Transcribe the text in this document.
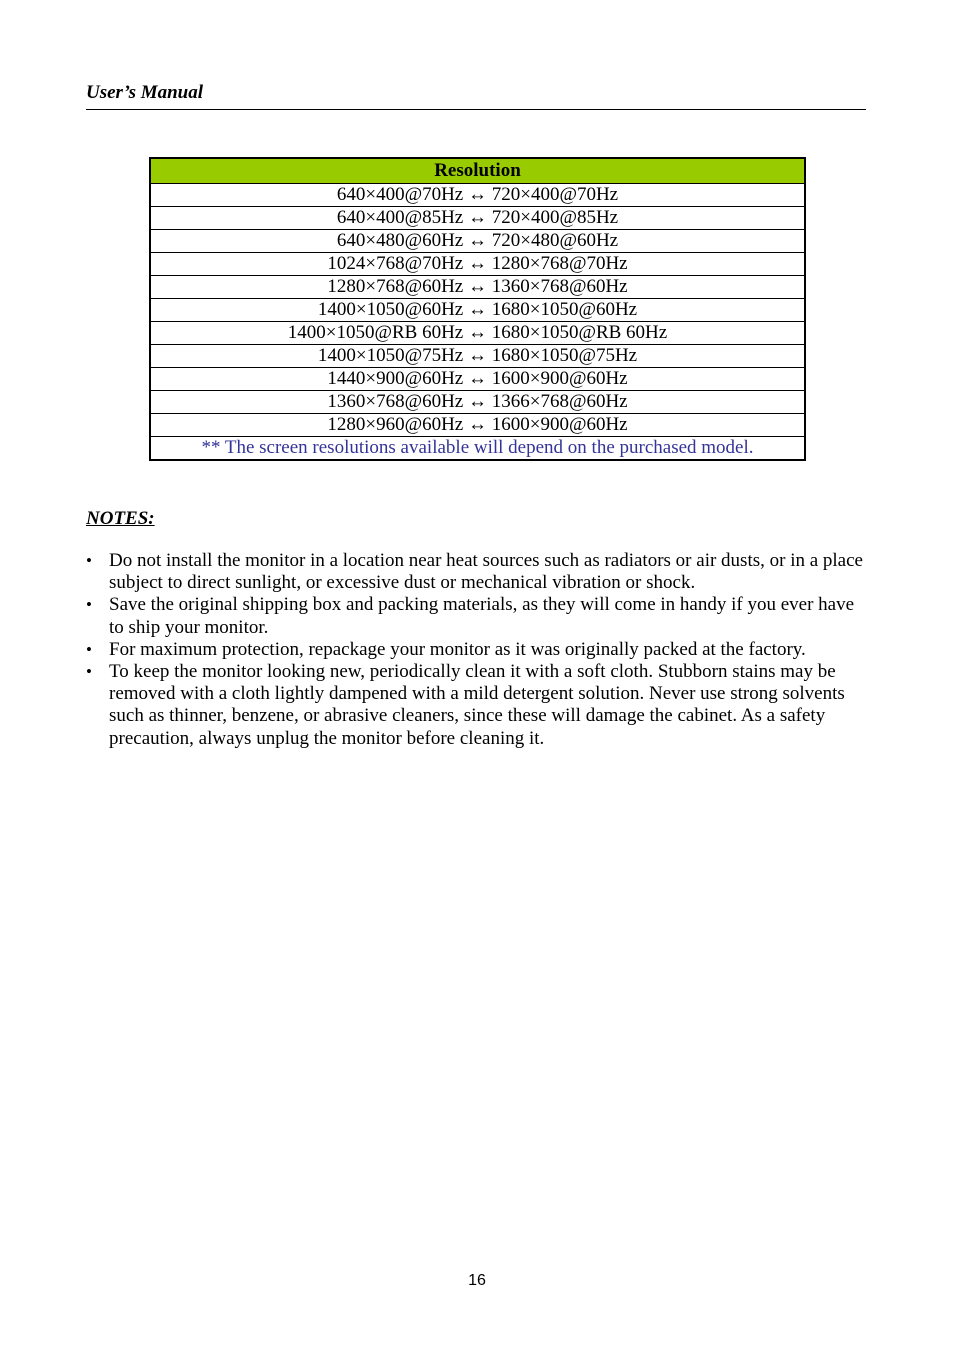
User’s Manual
Resolution
640×400@70Hz ↔ 720×400@70Hz
640×400@85Hz ↔ 720×400@85Hz
640×480@60Hz ↔ 720×480@60Hz
1024×768@70Hz ↔ 1280×768@70Hz
1280×768@60Hz ↔ 1360×768@60Hz
1400×1050@60Hz ↔ 1680×1050@60Hz
1400×1050@RB 60Hz ↔ 1680×1050@RB 60Hz
1400×1050@75Hz ↔ 1680×1050@75Hz
1440×900@60Hz ↔ 1600×900@60Hz
1360×768@60Hz ↔ 1366×768@60Hz
1280×960@60Hz ↔ 1600×900@60Hz
** The screen resolutions available will depend on the purchased model.
NOTES:
• Do not install the monitor in a location near heat sources such as radiators or air dusts, or in a place subject to direct sunlight, or excessive dust or mechanical vibration or shock.
• Save the original shipping box and packing materials, as they will come in handy if you ever have to ship your monitor.
• For maximum protection, repackage your monitor as it was originally packed at the factory.
• To keep the monitor looking new, periodically clean it with a soft cloth. Stubborn stains may be removed with a cloth lightly dampened with a mild detergent solution. Never use strong solvents such as thinner, benzene, or abrasive cleaners, since these will damage the cabinet. As a safety precaution, always unplug the monitor before cleaning it.
16
